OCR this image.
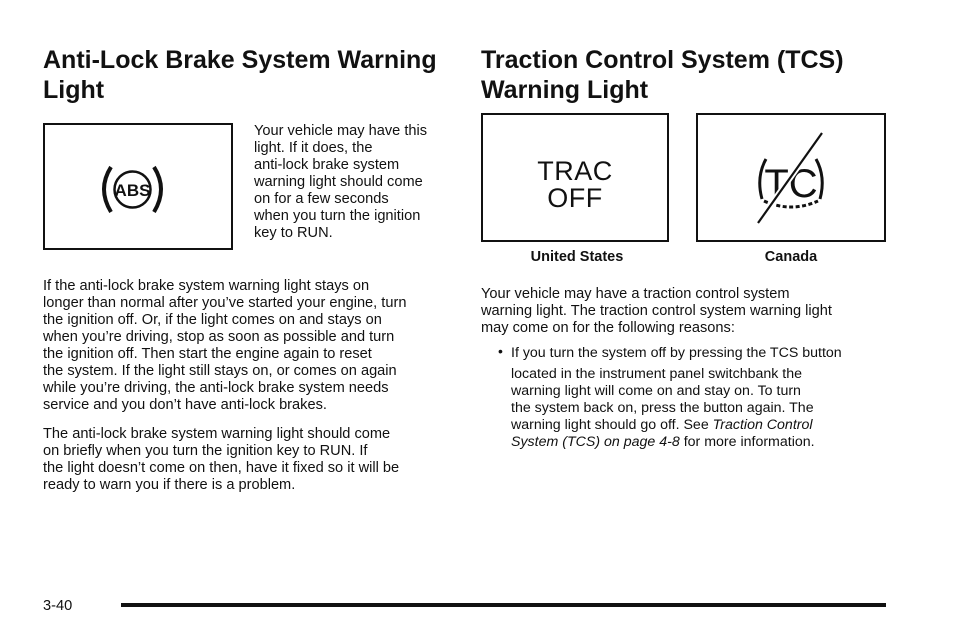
Anti-Lock Brake System Warning
Light
ABS
Your vehicle may have this
light. If it does, the
anti-lock brake system
warning light should come
on for a few seconds
when you turn the ignition
key to RUN.
If the anti-lock brake system warning light stays on
longer than normal after you’ve started your engine, turn
the ignition off. Or, if the light comes on and stays on
when you’re driving, stop as soon as possible and turn
the ignition off. Then start the engine again to reset
the system. If the light still stays on, or comes on again
while you’re driving, the anti-lock brake system needs
service and you don’t have anti-lock brakes.
The anti-lock brake system warning light should come
on briefly when you turn the ignition key to RUN. If
the light doesn’t come on then, have it fixed so it will be
ready to warn you if there is a problem.
Traction Control System (TCS)
Warning Light
TRAC
OFF	TC
United States	Canada
Your vehicle may have a traction control system
warning light. The traction control system warning light
may come on for the following reasons:
• If you turn the system off by pressing the TCS button
located in the instrument panel switchbank the
warning light will come on and stay on. To turn
the system back on, press the button again. The
warning light should go off. See Traction Control
System (TCS) on page 4-8 for more information.
3-40
